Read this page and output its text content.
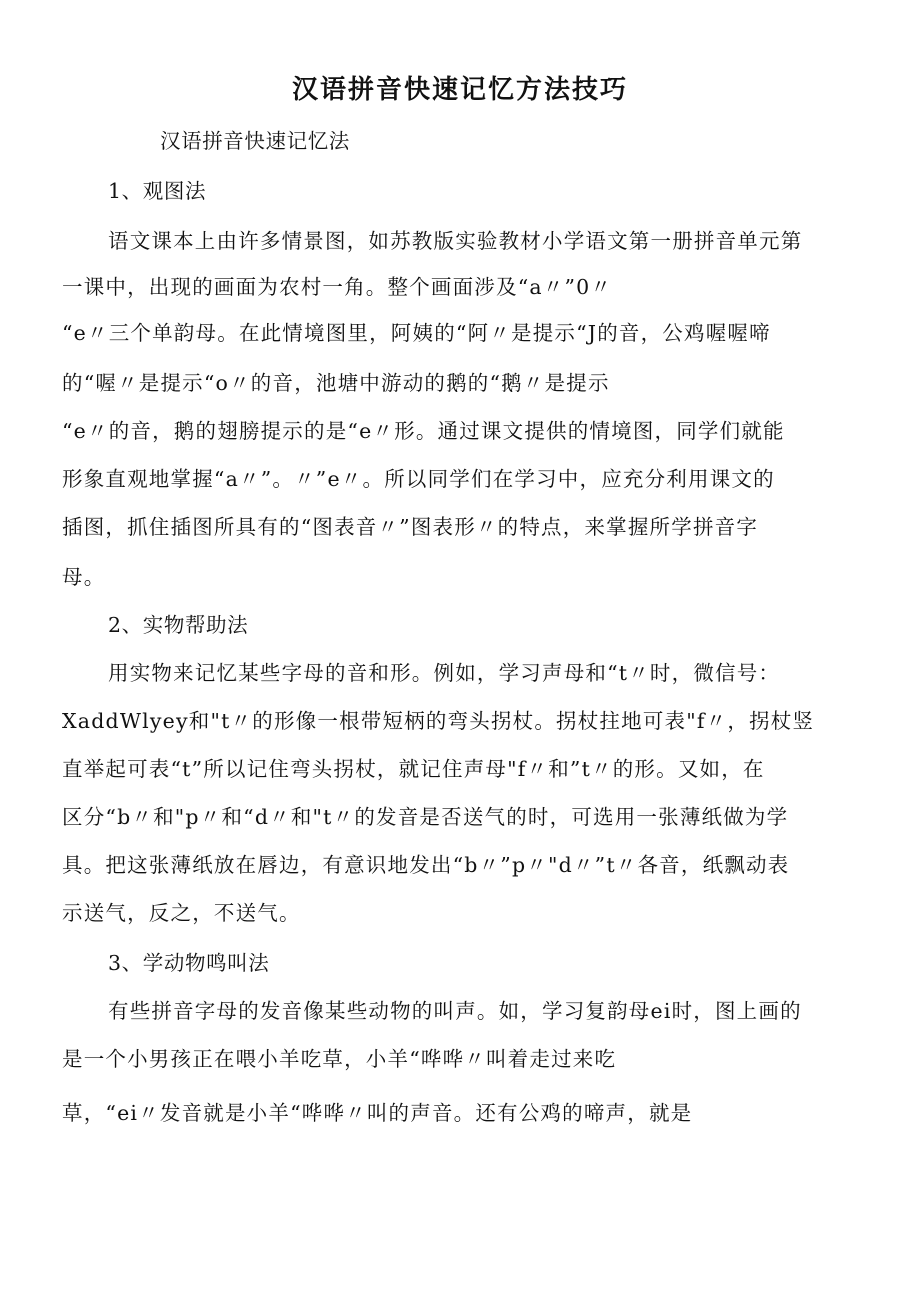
汉语拼音快速记忆方法技巧
汉语拼音快速记忆法
1、观图法
语文课本上由许多情景图，如苏教版实验教材小学语文第一册拼音单元第
一课中，出现的画面为农村一角。整个画面涉及“a〃”0〃
“e〃三个单韵母。在此情境图里，阿姨的“阿〃是提示“J的音，公鸡喔喔啼
的“喔〃是提示“o〃的音，池塘中游动的鹅的“鹅〃是提示
“e〃的音，鹅的翅膀提示的是“e〃形。通过课文提供的情境图，同学们就能
形象直观地掌握“a〃”。〃”e〃。所以同学们在学习中，应充分利用课文的
插图，抓住插图所具有的“图表音〃”图表形〃的特点，来掌握所学拼音字
母。
2、实物帮助法
用实物来记忆某些字母的音和形。例如，学习声母和“t〃时，微信号：
XaddWlyey和"t〃的形像一根带短柄的弯头拐杖。拐杖拄地可表"f〃，拐杖竖
直举起可表“t”所以记住弯头拐杖，就记住声母"f〃和”t〃的形。又如，在
区分“b〃和"p〃和“d〃和"t〃的发音是否送气的时，可选用一张薄纸做为学
具。把这张薄纸放在唇边，有意识地发出“b〃”p〃"d〃”t〃各音，纸飘动表
示送气，反之，不送气。
3、学动物鸣叫法
有些拼音字母的发音像某些动物的叫声。如，学习复韵母ei时，图上画的
是一个小男孩正在喂小羊吃草，小羊“哗哗〃叫着走过来吃
草，“ei〃发音就是小羊“哗哗〃叫的声音。还有公鸡的啼声，就是
